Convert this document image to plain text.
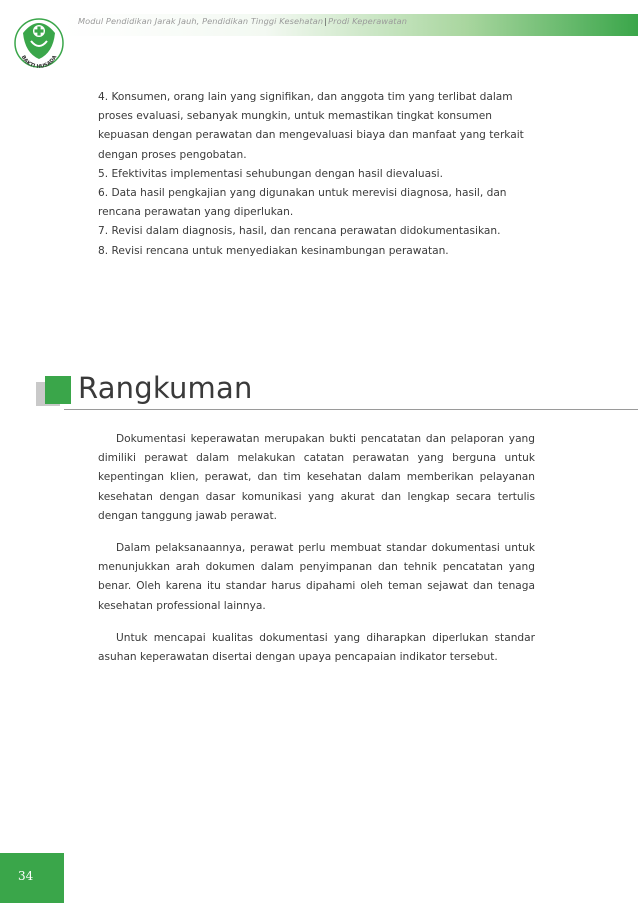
Modul Pendidikan Jarak Jauh, Pendidikan Tinggi Kesehatan|Prodi Keperawatan
BAKTI HUSADA

4. Konsumen, orang lain yang signifikan, dan anggota tim yang terlibat dalam proses evaluasi, sebanyak mungkin, untuk memastikan tingkat konsumen kepuasan dengan perawatan dan mengevaluasi biaya dan manfaat yang terkait dengan proses pengobatan.

5. Efektivitas implementasi sehubungan dengan hasil dievaluasi.

6. Data hasil pengkajian yang digunakan untuk merevisi diagnosa, hasil, dan rencana perawatan yang diperlukan.

7. Revisi dalam diagnosis, hasil, dan rencana perawatan didokumentasikan.

8. Revisi rencana untuk menyediakan kesinambungan perawatan.

Rangkuman

Dokumentasi keperawatan merupakan bukti pencatatan dan pelaporan yang dimiliki perawat dalam melakukan catatan perawatan yang berguna untuk kepentingan klien, perawat, dan tim kesehatan dalam memberikan pelayanan kesehatan dengan dasar komunikasi yang akurat dan lengkap secara tertulis dengan tanggung jawab perawat.

Dalam pelaksanaannya, perawat perlu membuat standar dokumentasi untuk menunjukkan arah dokumen dalam penyimpanan dan tehnik pencatatan yang benar. Oleh karena itu standar harus dipahami oleh teman sejawat dan tenaga kesehatan professional lainnya.

Untuk mencapai kualitas dokumentasi yang diharapkan diperlukan standar asuhan keperawatan disertai dengan upaya pencapaian indikator tersebut.

34
